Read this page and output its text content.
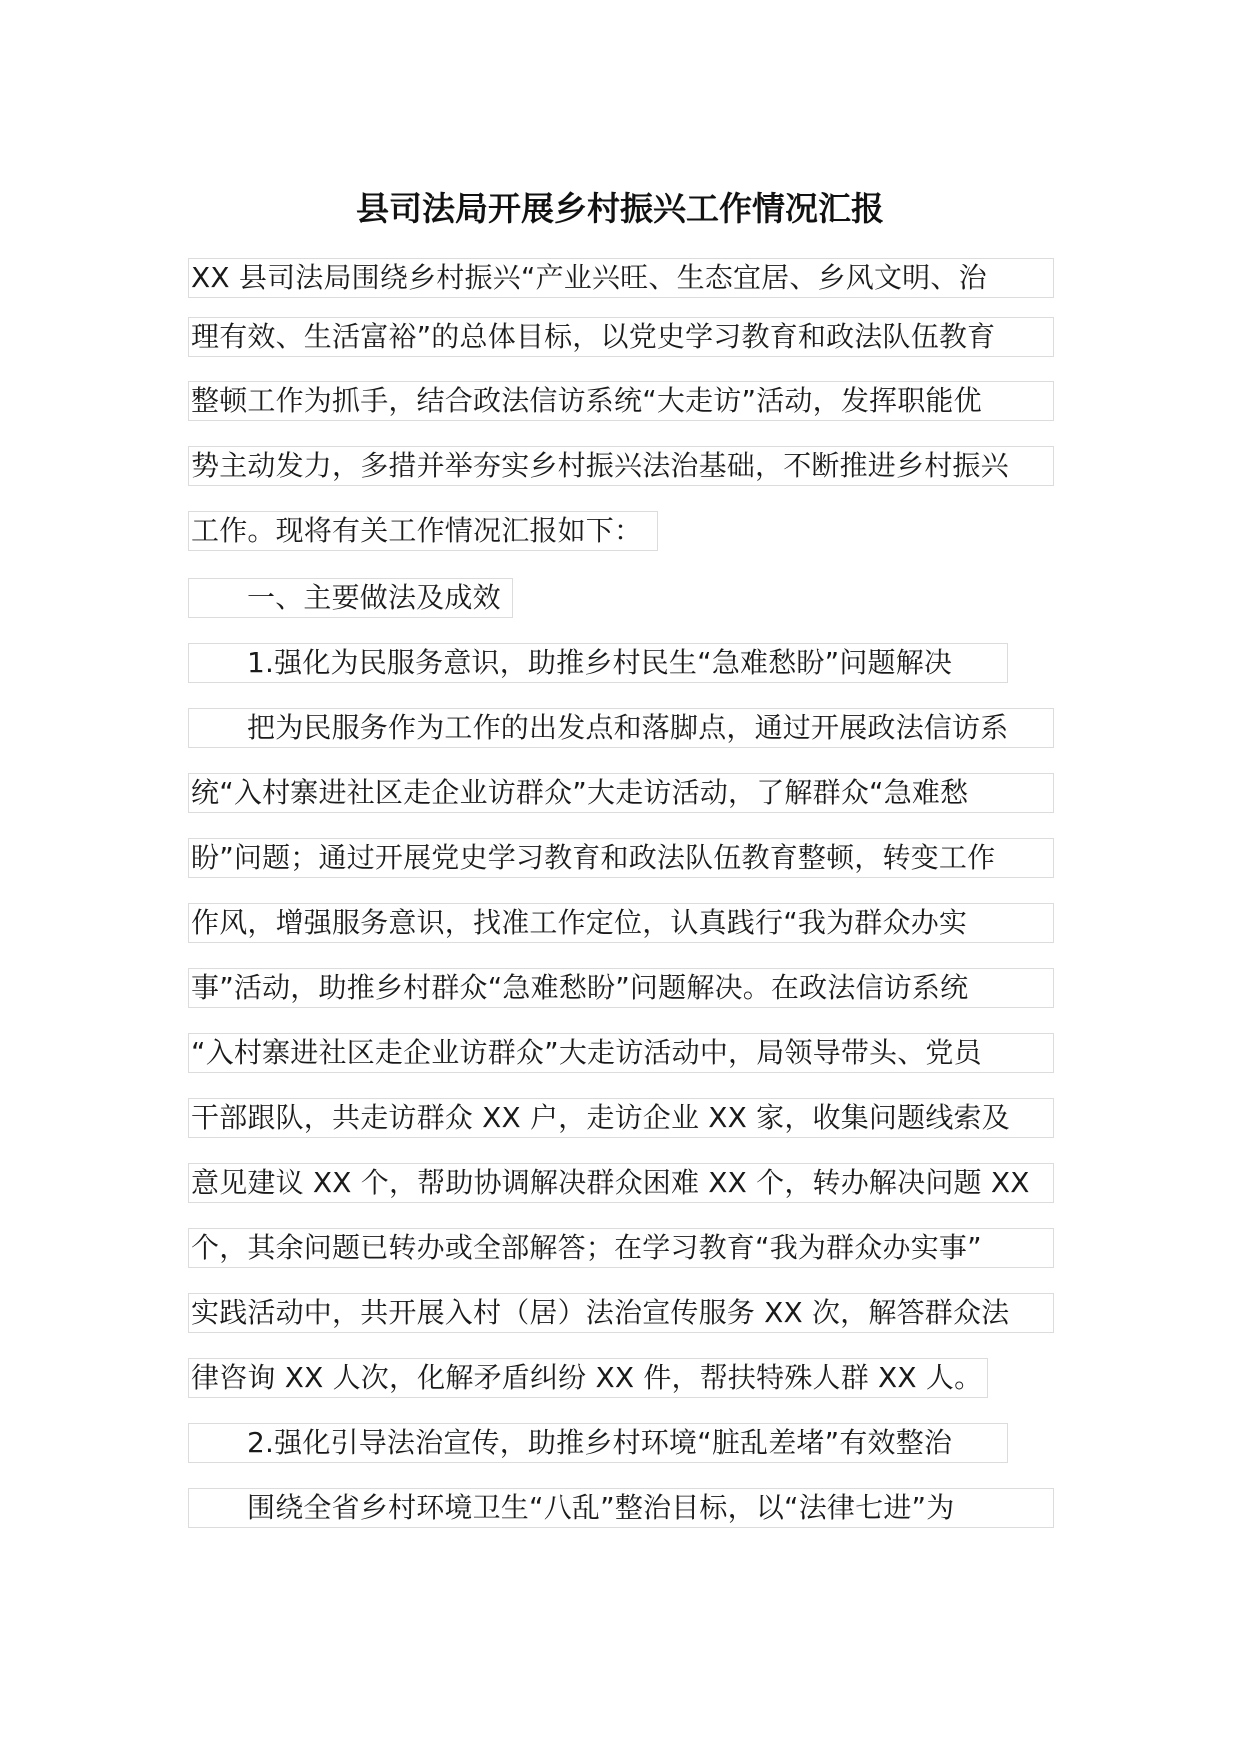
县司法局开展乡村振兴工作情况汇报
XX 县司法局围绕乡村振兴“产业兴旺、生态宜居、乡风文明、治
理有效、生活富裕”的总体目标，以党史学习教育和政法队伍教育
整顿工作为抓手，结合政法信访系统“大走访”活动，发挥职能优
势主动发力，多措并举夯实乡村振兴法治基础，不断推进乡村振兴
工作。现将有关工作情况汇报如下：
一、主要做法及成效
1.强化为民服务意识，助推乡村民生“急难愁盼”问题解决
把为民服务作为工作的出发点和落脚点，通过开展政法信访系
统“入村寨进社区走企业访群众”大走访活动，了解群众“急难愁
盼”问题；通过开展党史学习教育和政法队伍教育整顿，转变工作
作风，增强服务意识，找准工作定位，认真践行“我为群众办实
事”活动，助推乡村群众“急难愁盼”问题解决。在政法信访系统
“入村寨进社区走企业访群众”大走访活动中，局领导带头、党员
干部跟队，共走访群众 XX 户，走访企业 XX 家，收集问题线索及
意见建议 XX 个，帮助协调解决群众困难 XX 个，转办解决问题 XX
个，其余问题已转办或全部解答；在学习教育“我为群众办实事”
实践活动中，共开展入村（居）法治宣传服务 XX 次，解答群众法
律咨询 XX 人次，化解矛盾纠纷 XX 件，帮扶特殊人群 XX 人。
2.强化引导法治宣传，助推乡村环境“脏乱差堵”有效整治
围绕全省乡村环境卫生“八乱”整治目标，以“法律七进”为
